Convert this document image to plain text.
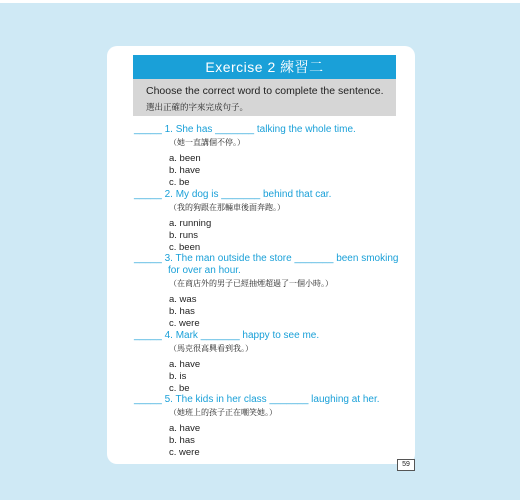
Exercise 2 練習二
Choose the correct word to complete the sentence.
選出正確的字來完成句子。
_____ 1. She has _______ talking the whole time.
（她一直講個不停。）
a. been
b. have
c. be
_____ 2. My dog is _______ behind that car.
（我的狗跟在那輛車後面奔跑。）
a. running
b. runs
c. been
_____ 3. The man outside the store _______ been smoking for over an hour.
（在商店外的男子已經抽煙超過了一個小時。）
a. was
b. has
c. were
_____ 4. Mark _______ happy to see me.
（馬克很高興看到我。）
a. have
b. is
c. be
_____ 5. The kids in her class _______ laughing at her.
（她班上的孩子正在嘲笑她。）
a. have
b. has
c. were
59
